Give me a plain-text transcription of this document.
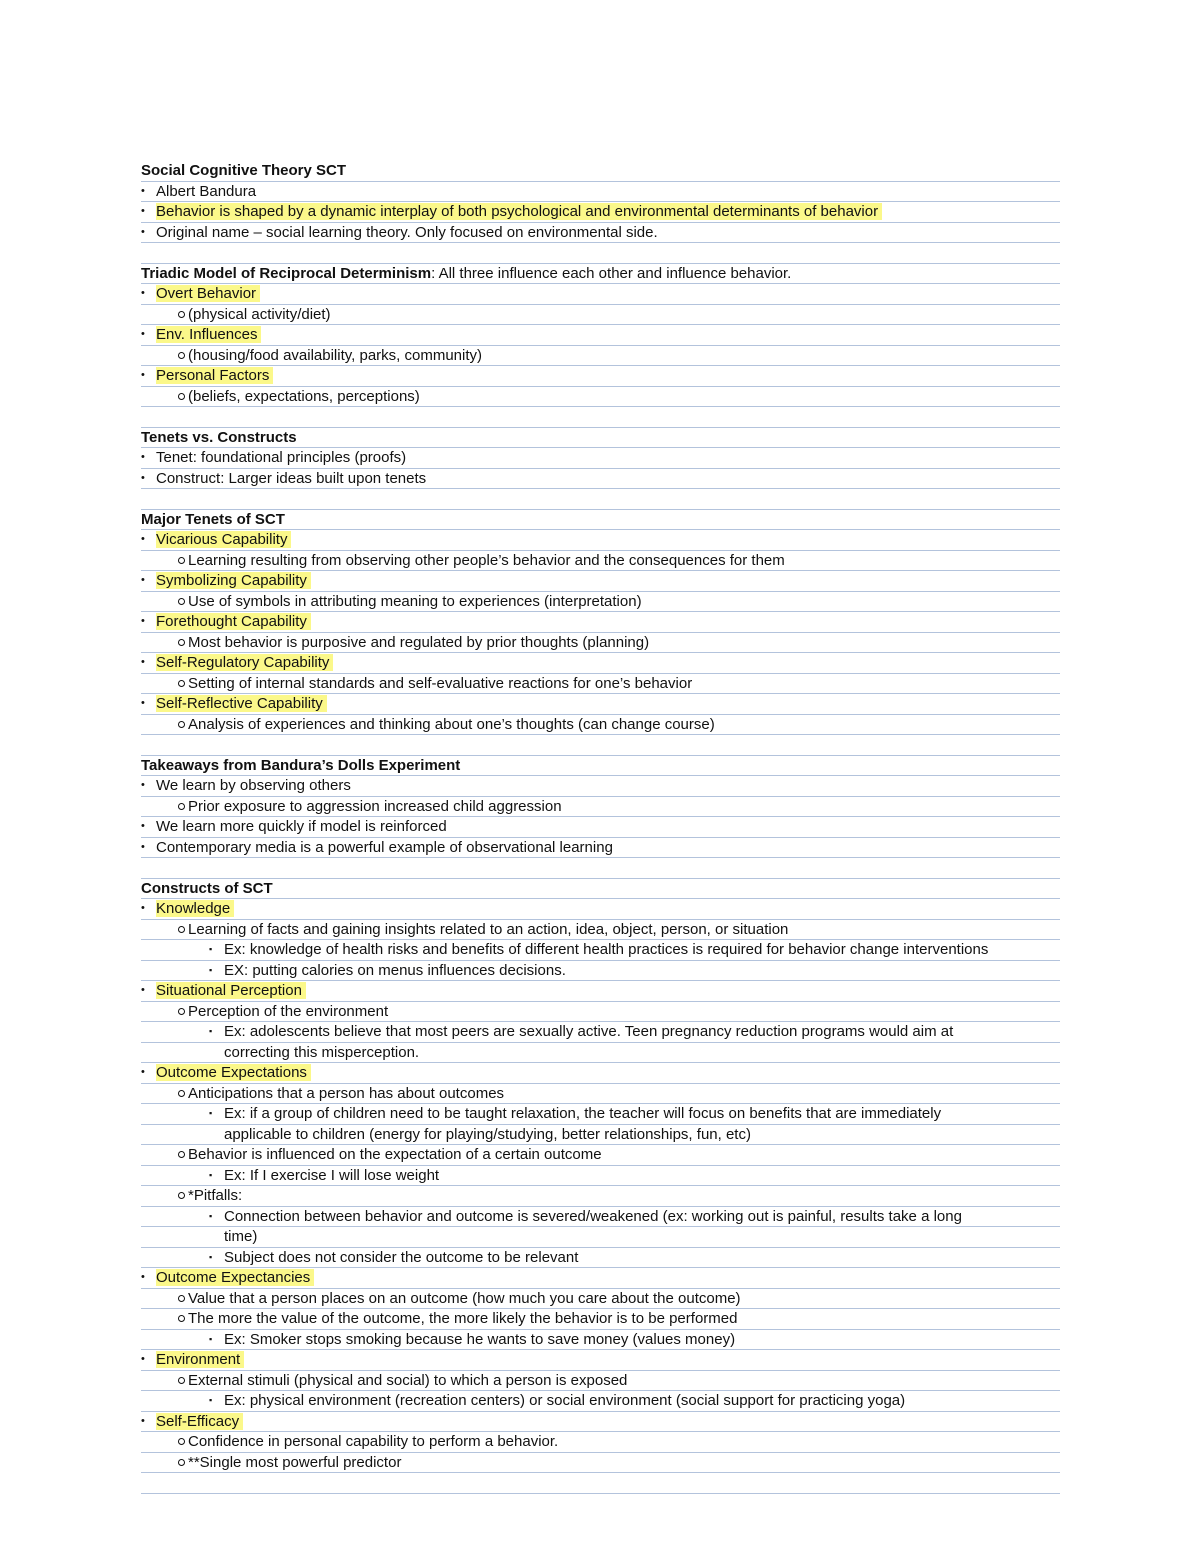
Social Cognitive Theory SCT
• Albert Bandura
• Behavior is shaped by a dynamic interplay of both psychological and environmental determinants of behavior
• Original name – social learning theory. Only focused on environmental side.
Triadic Model of Reciprocal Determinism: All three influence each other and influence behavior.
• Overt Behavior
(physical activity/diet)
• Env. Influences
(housing/food availability, parks, community)
• Personal Factors
(beliefs, expectations, perceptions)
Tenets vs. Constructs
• Tenet: foundational principles (proofs)
• Construct: Larger ideas built upon tenets
Major Tenets of SCT
• Vicarious Capability
Learning resulting from observing other people’s behavior and the consequences for them
• Symbolizing Capability
Use of symbols in attributing meaning to experiences (interpretation)
• Forethought Capability
Most behavior is purposive and regulated by prior thoughts (planning)
• Self-Regulatory Capability
Setting of internal standards and self-evaluative reactions for one’s behavior
• Self-Reflective Capability
Analysis of experiences and thinking about one’s thoughts (can change course)
Takeaways from Bandura’s Dolls Experiment
• We learn by observing others
Prior exposure to aggression increased child aggression
• We learn more quickly if model is reinforced
• Contemporary media is a powerful example of observational learning
Constructs of SCT
• Knowledge
Learning of facts and gaining insights related to an action, idea, object, person, or situation
▪ Ex: knowledge of health risks and benefits of different health practices is required for behavior change interventions
▪ EX: putting calories on menus influences decisions.
• Situational Perception
Perception of the environment
▪ Ex: adolescents believe that most peers are sexually active. Teen pregnancy reduction programs would aim at
correcting this misperception.
• Outcome Expectations
Anticipations that a person has about outcomes
▪ Ex: if a group of children need to be taught relaxation, the teacher will focus on benefits that are immediately
applicable to children (energy for playing/studying, better relationships, fun, etc)
Behavior is influenced on the expectation of a certain outcome
▪ Ex: If I exercise I will lose weight
*Pitfalls:
▪ Connection between behavior and outcome is severed/weakened (ex: working out is painful, results take a long
time)
▪ Subject does not consider the outcome to be relevant
• Outcome Expectancies
Value that a person places on an outcome (how much you care about the outcome)
The more the value of the outcome, the more likely the behavior is to be performed
▪ Ex: Smoker stops smoking because he wants to save money (values money)
• Environment
External stimuli (physical and social) to which a person is exposed
▪ Ex: physical environment (recreation centers) or social environment (social support for practicing yoga)
• Self-Efficacy
Confidence in personal capability to perform a behavior.
**Single most powerful predictor
